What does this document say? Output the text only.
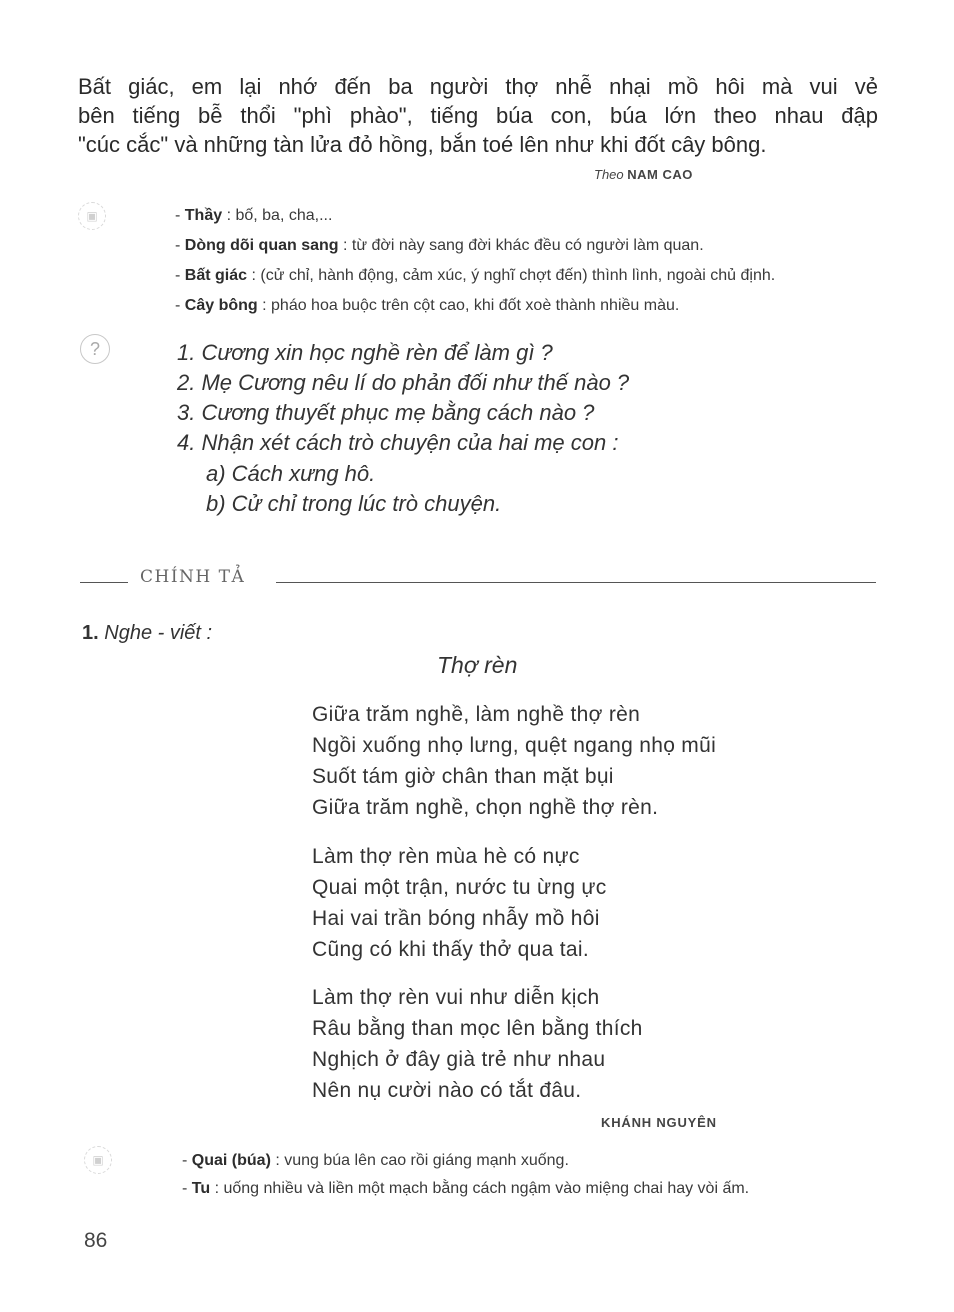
Bất giác, em lại nhớ đến ba người thợ nhễ nhại mồ hôi mà vui vẻ
bên tiếng bễ thổi "phì phào", tiếng búa con, búa lớn theo nhau đập
"cúc cắc" và những tàn lửa đỏ hồng, bắn toé lên như khi đốt cây bông.
Theo NAM CAO
▣	- Thầy : bố, ba, cha,...
- Dòng dõi quan sang : từ đời này sang đời khác đều có người làm quan.
- Bất giác : (cử chỉ, hành động, cảm xúc, ý nghĩ chợt đến) thình lình, ngoài chủ định.
- Cây bông : pháo hoa buộc trên cột cao, khi đốt xoè thành nhiều màu.
?	1. Cương xin học nghề rèn để làm gì ?
2. Mẹ Cương nêu lí do phản đối như thế nào ?
3. Cương thuyết phục mẹ bằng cách nào ?
4. Nhận xét cách trò chuyện của hai mẹ con :
a) Cách xưng hô.
b) Cử chỉ trong lúc trò chuyện.
CHÍNH TẢ
1. Nghe - viết :
Thợ rèn
Giữa trăm nghề, làm nghề thợ rèn
Ngồi xuống nhọ lưng, quệt ngang nhọ mũi
Suốt tám giờ chân than mặt bụi
Giữa trăm nghề, chọn nghề thợ rèn.
Làm thợ rèn mùa hè có nực
Quai một trận, nước tu ừng ực
Hai vai trần bóng nhẫy mồ hôi
Cũng có khi thấy thở qua tai.
Làm thợ rèn vui như diễn kịch
Râu bằng than mọc lên bằng thích
Nghịch ở đây già trẻ như nhau
Nên nụ cười nào có tắt đâu.
KHÁNH NGUYÊN
▣	- Quai (búa) : vung búa lên cao rồi giáng mạnh xuống.
- Tu : uống nhiều và liền một mạch bằng cách ngậm vào miệng chai hay vòi ấm.
86
